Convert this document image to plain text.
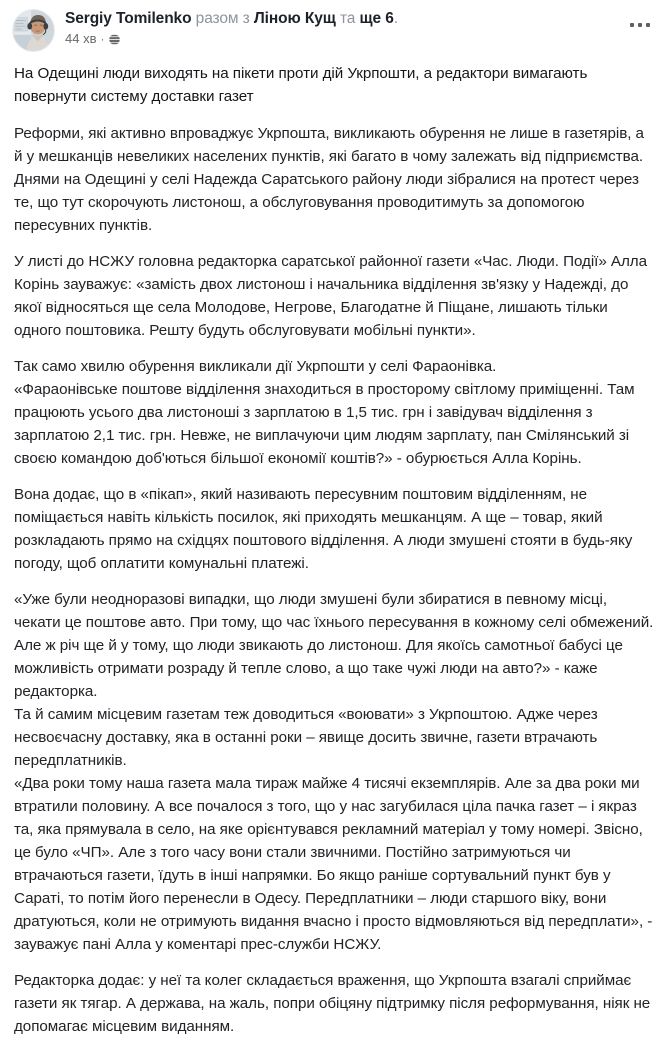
Sergiy Tomilenko разом з Ліною Кущ та ще 6.
44 хв ·

На Одещині люди виходять на пікети проти дій Укрпошти, а редактори вимагають повернути систему доставки газет

Реформи, які активно впроваджує Укрпошта, викликають обурення не лише в газетярів, а й у мешканців невеликих населених пунктів, які багато в чому залежать від підприємства. Днями на Одещині у селі Надежда Саратського району люди зібралися на протест через те, що тут скорочують листонош, а обслуговування проводитимуть за допомогою пересувних пунктів.

У листі до НСЖУ головна редакторка саратської районної газети «Час. Люди. Події» Алла Корінь зауважує: «замість двох листонош і начальника відділення зв'язку у Надежді, до якої відносяться ще села Молодове, Негрове, Благодатне й Піщане, лишають тільки одного поштовика. Решту будуть обслуговувати мобільні пункти».

Так само хвилю обурення викликали дії Укрпошти у селі Фараонівка.
«Фараонівське поштове відділення знаходиться в просторому світлому приміщенні. Там працюють усього два листоноші з зарплатою в 1,5 тис. грн і завідувач відділення з зарплатою 2,1 тис. грн. Невже, не виплачуючи цим людям зарплату, пан Смілянський зі своєю командою доб'ються більшої економії коштів?» - обурюється Алла Корінь.

Вона додає, що в «пікап», який називають пересувним поштовим відділенням, не поміщається навіть кількість посилок, які приходять мешканцям. А ще – товар, який розкладають прямо на східцях поштового відділення. А люди змушені стояти в будь-яку погоду, щоб оплатити комунальні платежі.

«Уже були неодноразові випадки, що люди змушені були збиратися в певному місці, чекати це поштове авто. При тому, що час їхнього пересування в кожному селі обмежений. Але ж річ ще й у тому, що люди звикають до листонош. Для якоїсь самотньої бабусі це можливість отримати розраду й тепле слово, а що таке чужі люди на авто?» - каже редакторка.
Та й самим місцевим газетам теж доводиться «воювати» з Укрпоштою. Адже через несвоєчасну доставку, яка в останні роки – явище досить звичне, газети втрачають передплатників.
«Два роки тому наша газета мала тираж майже 4 тисячі екземплярів. Але за два роки ми втратили половину. А все почалося з того, що у нас загубилася ціла пачка газет – і якраз та, яка прямувала в село, на яке орієнтувався рекламний матеріал у тому номері. Звісно, це було «ЧП». Але з того часу вони стали звичними. Постійно затримуються чи втрачаються газети, їдуть в інші напрямки. Бо якщо раніше сортувальний пункт був у Сараті, то потім його перенесли в Одесу. Передплатники – люди старшого віку, вони дратуються, коли не отримують видання вчасно і просто відмовляються від передплати», - зауважує пані Алла у коментарі прес-служби НСЖУ.

Редакторка додає: у неї та колег складається враження, що Укрпошта взагалі сприймає газети як тягар. А держава, на жаль, попри обіцяну підтримку після реформування, ніяк не допомагає місцевим виданням.
